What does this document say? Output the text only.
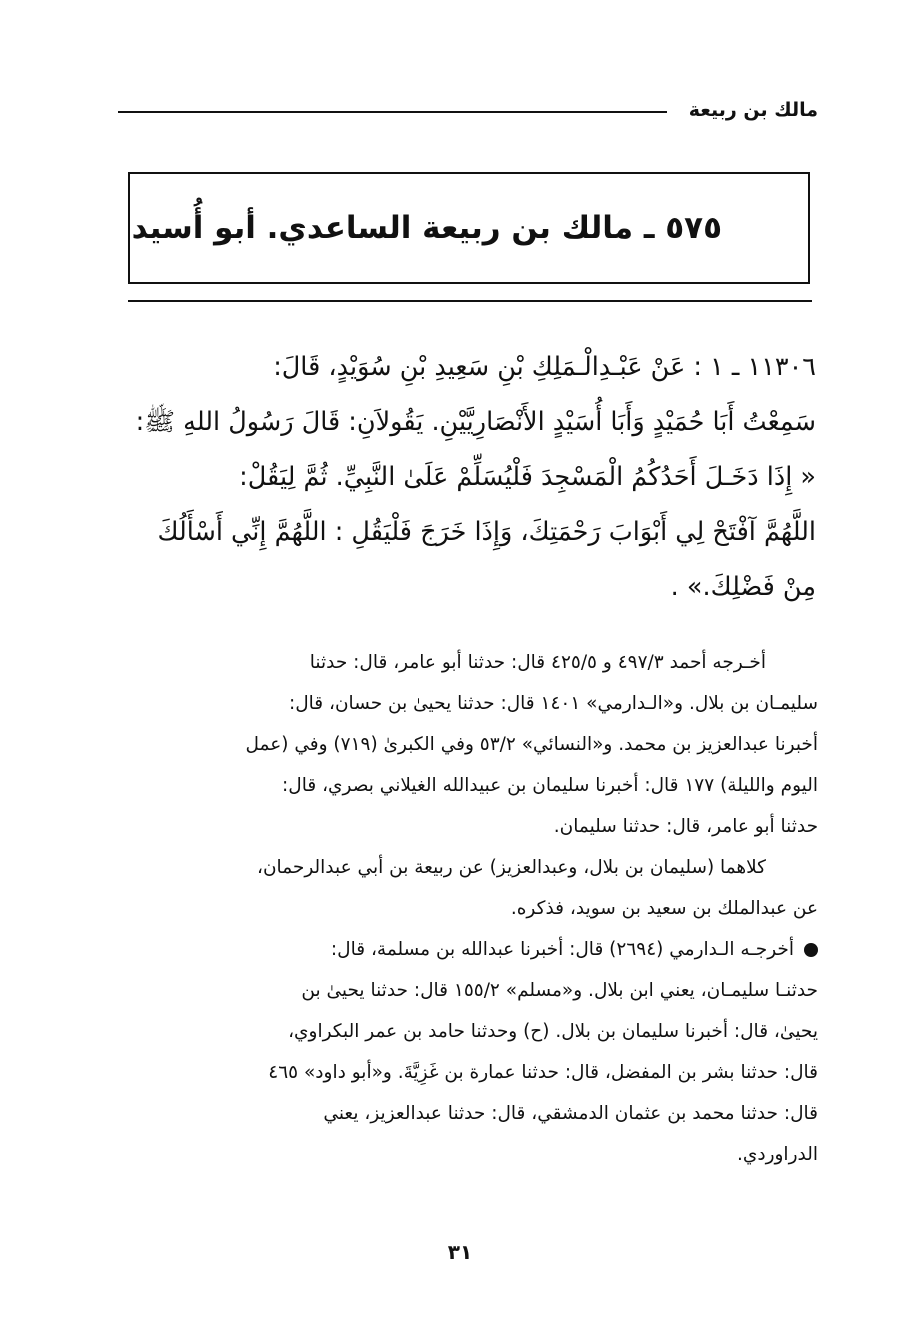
مالك بن ربيعة
٥٧٥ ـ مالك بن ربيعة الساعدي. أبو أُسيد
١١٣٠٦ ـ ١ : عَنْ عَبْـدِالْـمَلِكِ بْنِ سَعِيدِ بْنِ سُوَيْدٍ، قَالَ:
سَمِعْتُ أَبَا حُمَيْدٍ وَأَبَا أُسَيْدٍ الأَنْصَارِيَّيْنِ. يَقُولاَنِ: قَالَ رَسُولُ اللهِ ﷺ:
« إِذَا دَخَـلَ أَحَدُكُمُ الْمَسْجِدَ فَلْيُسَلِّمْ عَلَىٰ النَّبِيِّ. ثُمَّ لِيَقُلْ:
اللَّهُمَّ آفْتَحْ لِي أَبْوَابَ رَحْمَتِكَ، وَإِذَا خَرَجَ فَلْيَقُلِ : اللَّهُمَّ إِنِّي أَسْأَلُكَ
مِنْ فَضْلِكَ.» .
أخـرجه أحمد ٤٩٧/٣ و ٤٢٥/٥ قال: حدثنا أبو عامر، قال: حدثنا
سليمـان بن بلال. و«الـدارمي» ١٤٠١ قال: حدثنا يحيىٰ بن حسان، قال:
أخبرنا عبدالعزيز بن محمد. و«النسائي» ٥٣/٢ وفي الكبرىٰ (٧١٩) وفي (عمل
اليوم والليلة) ١٧٧ قال: أخبرنا سليمان بن عبيدالله الغيلاني بصري، قال:
حدثنا أبو عامر، قال: حدثنا سليمان.
كلاهما (سليمان بن بلال، وعبدالعزيز) عن ربيعة بن أبي عبدالرحمان،
عن عبدالملك بن سعيد بن سويد، فذكره.
أخرجـه الـدارمي (٢٦٩٤) قال: أخبرنا عبدالله بن مسلمة، قال:
حدثنـا سليمـان، يعني ابن بلال. و«مسلم» ١٥٥/٢ قال: حدثنا يحيىٰ بن
يحيىٰ، قال: أخبرنا سليمان بن بلال. (ح) وحدثنا حامد بن عمر البكراوي،
قال: حدثنا بشر بن المفضل، قال: حدثنا عمارة بن غَزِيَّةَ. و«أبو داود» ٤٦٥
قال: حدثنا محمد بن عثمان الدمشقي، قال: حدثنا عبدالعزيز، يعني
الدراوردي.
٣١
